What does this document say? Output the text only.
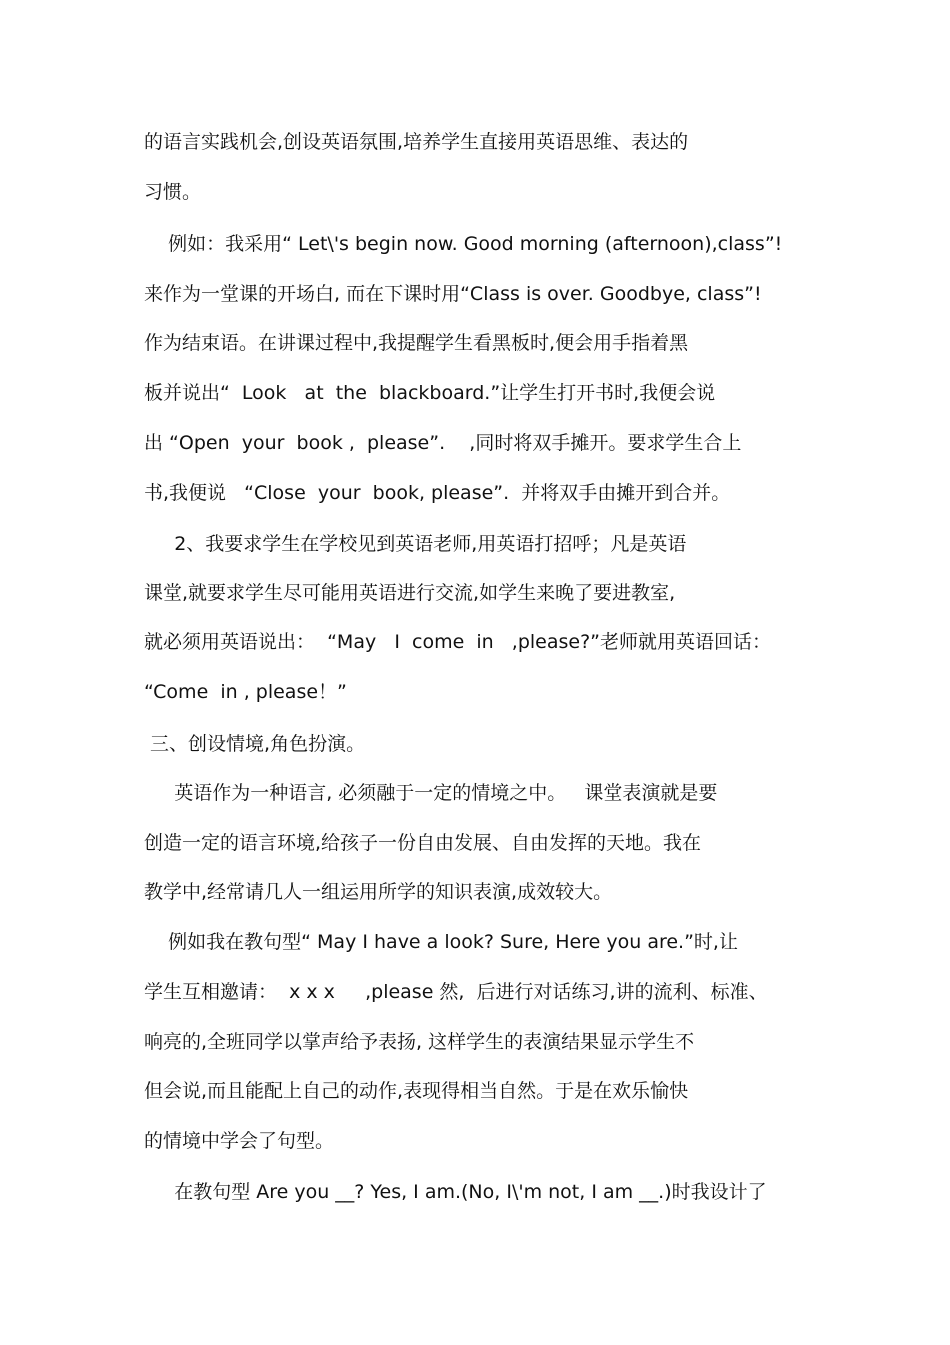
的语言实践机会,创设英语氛围,培养学生直接用英语思维、表达的
习惯。
例如：我采用“ Let\'s begin now. Good morning (afternoon),class”!
来作为一堂课的开场白, 而在下课时用“Class is over. Goodbye, class”!
作为结束语。在讲课过程中,我提醒学生看黑板时,便会用手指着黑
板并说出“  Look   at  the  blackboard.”让学生打开书时,我便会说
出 “Open  your  book ,  please”.    ,同时将双手摊开。要求学生合上
书,我便说   “Close  your  book, please”.  并将双手由摊开到合并。
2、我要求学生在学校见到英语老师,用英语打招呼；凡是英语
课堂,就要求学生尽可能用英语进行交流,如学生来晚了要进教室,
就必须用英语说出：  “May   I  come  in   ,please?”老师就用英语回话：
“Come  in , please！”
三、创设情境,角色扮演。
英语作为一种语言, 必须融于一定的情境之中。   课堂表演就是要
创造一定的语言环境,给孩子一份自由发展、自由发挥的天地。我在
教学中,经常请几人一组运用所学的知识表演,成效较大。
例如我在教句型“ May I have a look? Sure, Here you are.”时,让
学生互相邀请：  x x x     ,please 然,  后进行对话练习,讲的流利、标准、
响亮的,全班同学以掌声给予表扬, 这样学生的表演结果显示学生不
但会说,而且能配上自己的动作,表现得相当自然。于是在欢乐愉快
的情境中学会了句型。
在教句型 Are you __? Yes, I am.(No, I\'m not, I am __.)时我设计了
